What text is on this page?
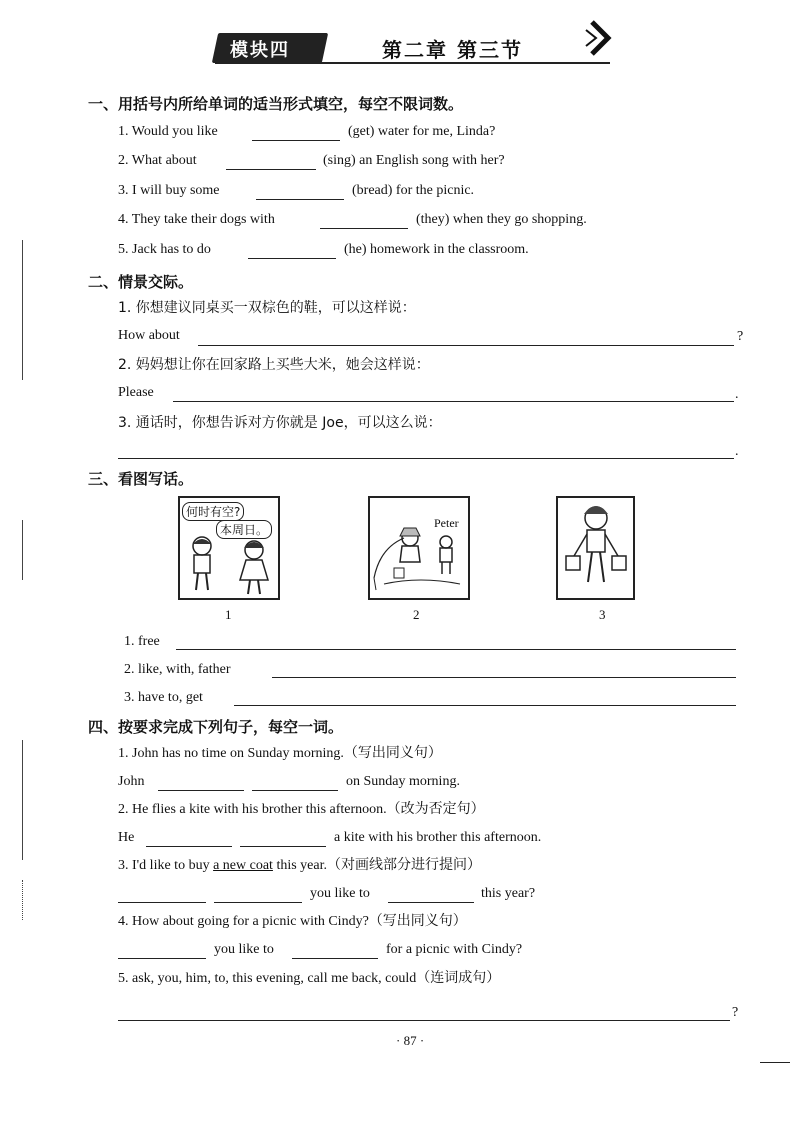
模块四	第二章 第三节
一、用括号内所给单词的适当形式填空，每空不限词数。
1. Would you like	(get) water for me, Linda?
2. What about	(sing) an English song with her?
3. I will buy some	(bread) for the picnic.
4. They take their dogs with	(they) when they go shopping.
5. Jack has to do	(he) homework in the classroom.
二、情景交际。
1. 你想建议同桌买一双棕色的鞋，可以这样说：
How about	?
2. 妈妈想让你在回家路上买些大米，她会这样说：
Please	.
3. 通话时，你想告诉对方你就是 Joe，可以这么说：
.
三、看图写话。
何时有空?
本周日。
1
Peter
2	3
1. free
2. like, with, father
3. have to, get
四、按要求完成下列句子，每空一词。
1. John has no time on Sunday morning.（写出同义句）
John	on Sunday morning.
2. He flies a kite with his brother this afternoon.（改为否定句）
He	a kite with his brother this afternoon.
3. I'd like to buy a new coat this year.（对画线部分进行提问）
you like to	this year?
4. How about going for a picnic with Cindy?（写出同义句）
you like to	for a picnic with Cindy?
5. ask, you, him, to, this evening, call me back, could（连词成句）
?
· 87 ·
